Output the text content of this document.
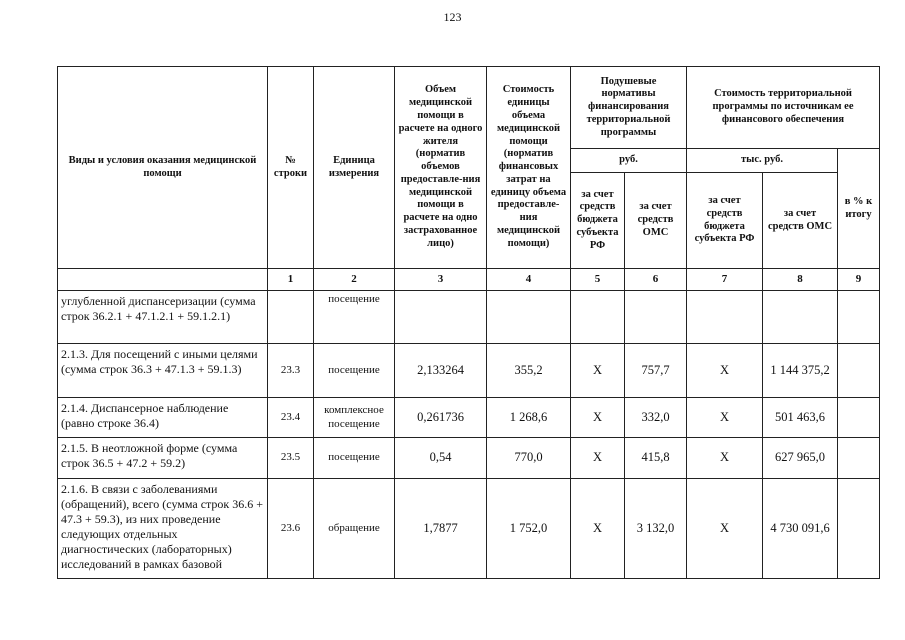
123
Виды и условия оказания медицинской помощи	№ строки	Единица измерения	Объем медицинской помощи в расчете на одного жителя (норматив объемов предоставле-ния медицинской помощи в расчете на одно застрахованное лицо)	Стоимость единицы объема медицинской помощи (норматив финансовых затрат на единицу объема предоставле-ния медицинской помощи)	Подушевые нормативы финансирования территориальной программы		Стоимость территориальной программы по источникам ее финансового обеспечения		
					руб.		тыс. руб.		в % к итогу
					за счет средств бюджета субъекта РФ	за счет средств ОМС	за счет средств бюджета субъекта РФ	за счет средств ОМС	
	1	2	3	4	5	6	7	8	9
углубленной диспансеризации (сумма строк 36.2.1 + 47.1.2.1 + 59.1.2.1)		посещение							
2.1.3. Для посещений с иными целями (сумма строк 36.3 + 47.1.3 + 59.1.3)	23.3	посещение	2,133264	355,2	Х	757,7	Х	1 144 375,2	
2.1.4. Диспансерное наблюдение (равно строке 36.4)	23.4	комплексное посещение	0,261736	1 268,6	Х	332,0	Х	501 463,6	
2.1.5. В неотложной форме (сумма строк 36.5 + 47.2 + 59.2)	23.5	посещение	0,54	770,0	Х	415,8	Х	627 965,0	
2.1.6. В связи с заболеваниями (обращений), всего (сумма строк 36.6 + 47.3 + 59.3), из них проведение следующих отдельных диагностических (лабораторных) исследований в рамках базовой	23.6	обращение	1,7877	1 752,0	Х	3 132,0	Х	4 730 091,6	
